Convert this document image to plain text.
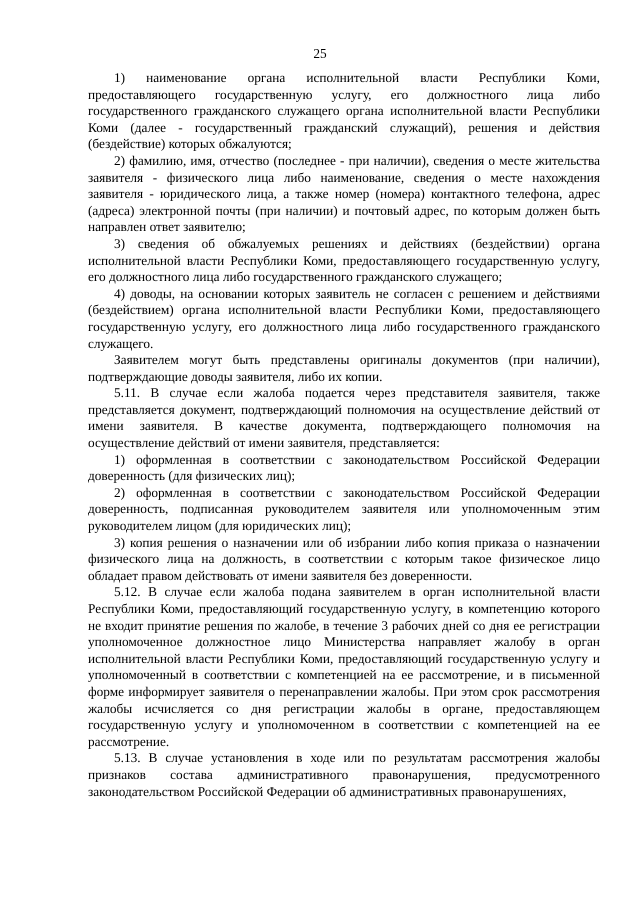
25

1) наименование органа исполнительной власти Республики Коми, предоставляющего государственную услугу, его должностного лица либо государственного гражданского служащего органа исполнительной власти Республики Коми (далее - государственный гражданский служащий), решения и действия (бездействие) которых обжалуются;

2) фамилию, имя, отчество (последнее - при наличии), сведения о месте жительства заявителя - физического лица либо наименование, сведения о месте нахождения заявителя - юридического лица, а также номер (номера) контактного телефона, адрес (адреса) электронной почты (при наличии) и почтовый адрес, по которым должен быть направлен ответ заявителю;

3) сведения об обжалуемых решениях и действиях (бездействии) органа исполнительной власти Республики Коми, предоставляющего государственную услугу, его должностного лица либо государственного гражданского служащего;

4) доводы, на основании которых заявитель не согласен с решением и действиями (бездействием) органа исполнительной власти Республики Коми, предоставляющего государственную услугу, его должностного лица либо государственного гражданского служащего.

Заявителем могут быть представлены оригиналы документов (при наличии), подтверждающие доводы заявителя, либо их копии.

5.11. В случае если жалоба подается через представителя заявителя, также представляется документ, подтверждающий полномочия на осуществление действий от имени заявителя. В качестве документа, подтверждающего полномочия на осуществление действий от имени заявителя, представляется:

1) оформленная в соответствии с законодательством Российской Федерации доверенность (для физических лиц);

2) оформленная в соответствии с законодательством Российской Федерации доверенность, подписанная руководителем заявителя или уполномоченным этим руководителем лицом (для юридических лиц);

3) копия решения о назначении или об избрании либо копия приказа о назначении физического лица на должность, в соответствии с которым такое физическое лицо обладает правом действовать от имени заявителя без доверенности.

5.12. В случае если жалоба подана заявителем в орган исполнительной власти Республики Коми, предоставляющий государственную услугу, в компетенцию которого не входит принятие решения по жалобе, в течение 3 рабочих дней со дня ее регистрации уполномоченное должностное лицо Министерства направляет жалобу в орган исполнительной власти Республики Коми, предоставляющий государственную услугу и уполномоченный в соответствии с компетенцией на ее рассмотрение, и в письменной форме информирует заявителя о перенаправлении жалобы. При этом срок рассмотрения жалобы исчисляется со дня регистрации жалобы в органе, предоставляющем государственную услугу и уполномоченном в соответствии с компетенцией на ее рассмотрение.

5.13. В случае установления в ходе или по результатам рассмотрения жалобы признаков состава административного правонарушения, предусмотренного законодательством Российской Федерации об административных правонарушениях,
